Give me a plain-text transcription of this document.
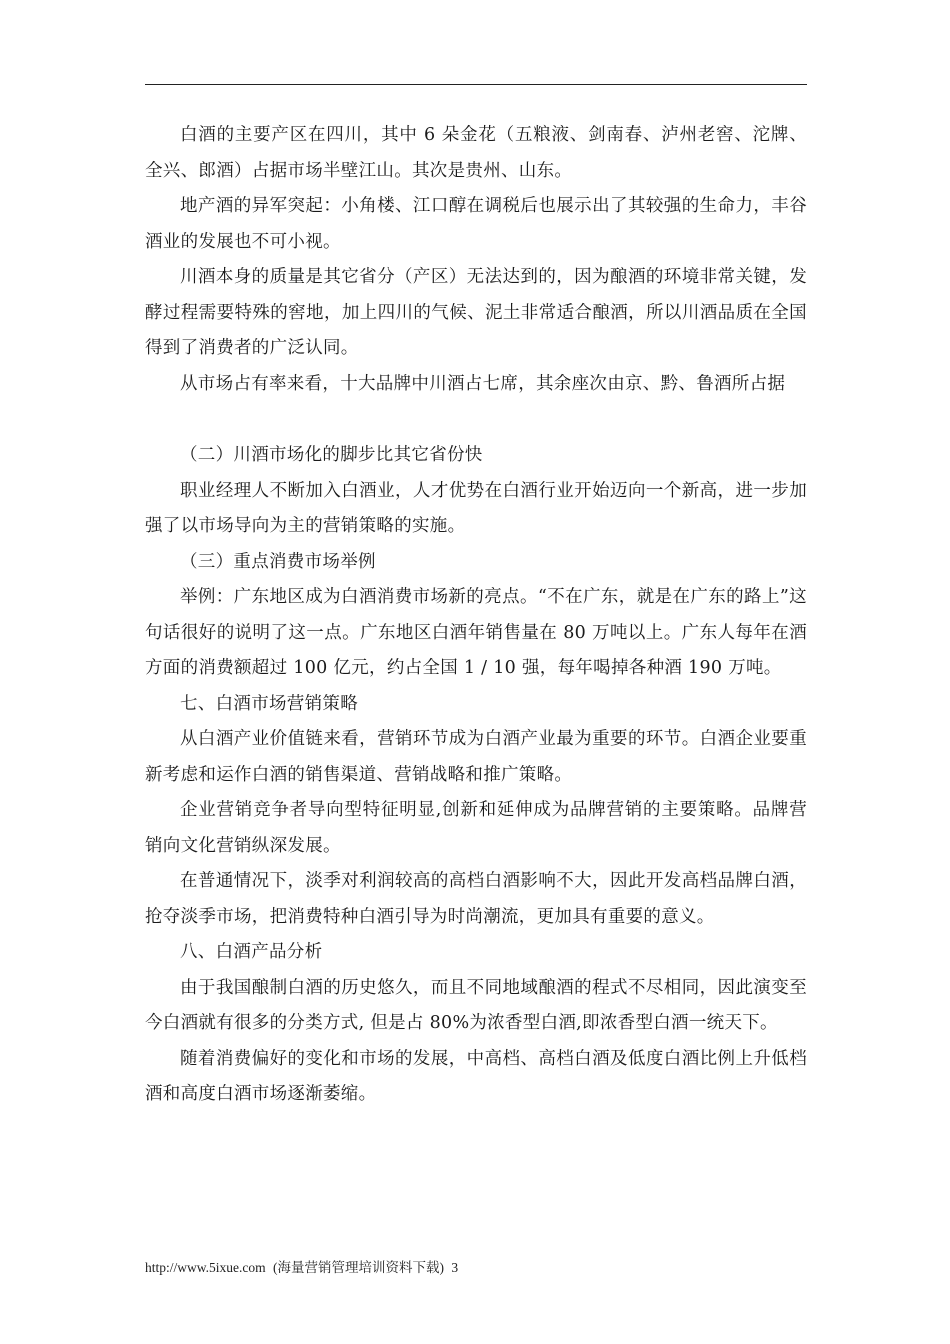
白酒的主要产区在四川，其中 6 朵金花（五粮液、剑南春、泸州老窖、沱牌、全兴、郎酒）占据市场半壁江山。其次是贵州、山东。

地产酒的异军突起：小角楼、江口醇在调税后也展示出了其较强的生命力，丰谷酒业的发展也不可小视。

川酒本身的质量是其它省分（产区）无法达到的，因为酿酒的环境非常关键，发酵过程需要特殊的窖地，加上四川的气候、泥土非常适合酿酒，所以川酒品质在全国得到了消费者的广泛认同。

从市场占有率来看，十大品牌中川酒占七席，其余座次由京、黔、鲁酒所占据

（二）川酒市场化的脚步比其它省份快

职业经理人不断加入白酒业，人才优势在白酒行业开始迈向一个新高，进一步加强了以市场导向为主的营销策略的实施。

（三）重点消费市场举例

举例：广东地区成为白酒消费市场新的亮点。“不在广东，就是在广东的路上”这句话很好的说明了这一点。广东地区白酒年销售量在 80 万吨以上。广东人每年在酒方面的消费额超过 100 亿元，约占全国 1 / 10 强，每年喝掉各种酒 190 万吨。

七、白酒市场营销策略

从白酒产业价值链来看，营销环节成为白酒产业最为重要的环节。白酒企业要重新考虑和运作白酒的销售渠道、营销战略和推广策略。

企业营销竞争者导向型特征明显,创新和延伸成为品牌营销的主要策略。品牌营销向文化营销纵深发展。

在普通情况下，淡季对利润较高的高档白酒影响不大，因此开发高档品牌白酒，抢夺淡季市场，把消费特种白酒引导为时尚潮流，更加具有重要的意义。

八、白酒产品分析

由于我国酿制白酒的历史悠久，而且不同地域酿酒的程式不尽相同，因此演变至今白酒就有很多的分类方式, 但是占 80%为浓香型白酒,即浓香型白酒一统天下。

随着消费偏好的变化和市场的发展，中高档、高档白酒及低度白酒比例上升低档酒和高度白酒市场逐渐萎缩。

http://www.5ixue.com (海量营销管理培训资料下载) 3
